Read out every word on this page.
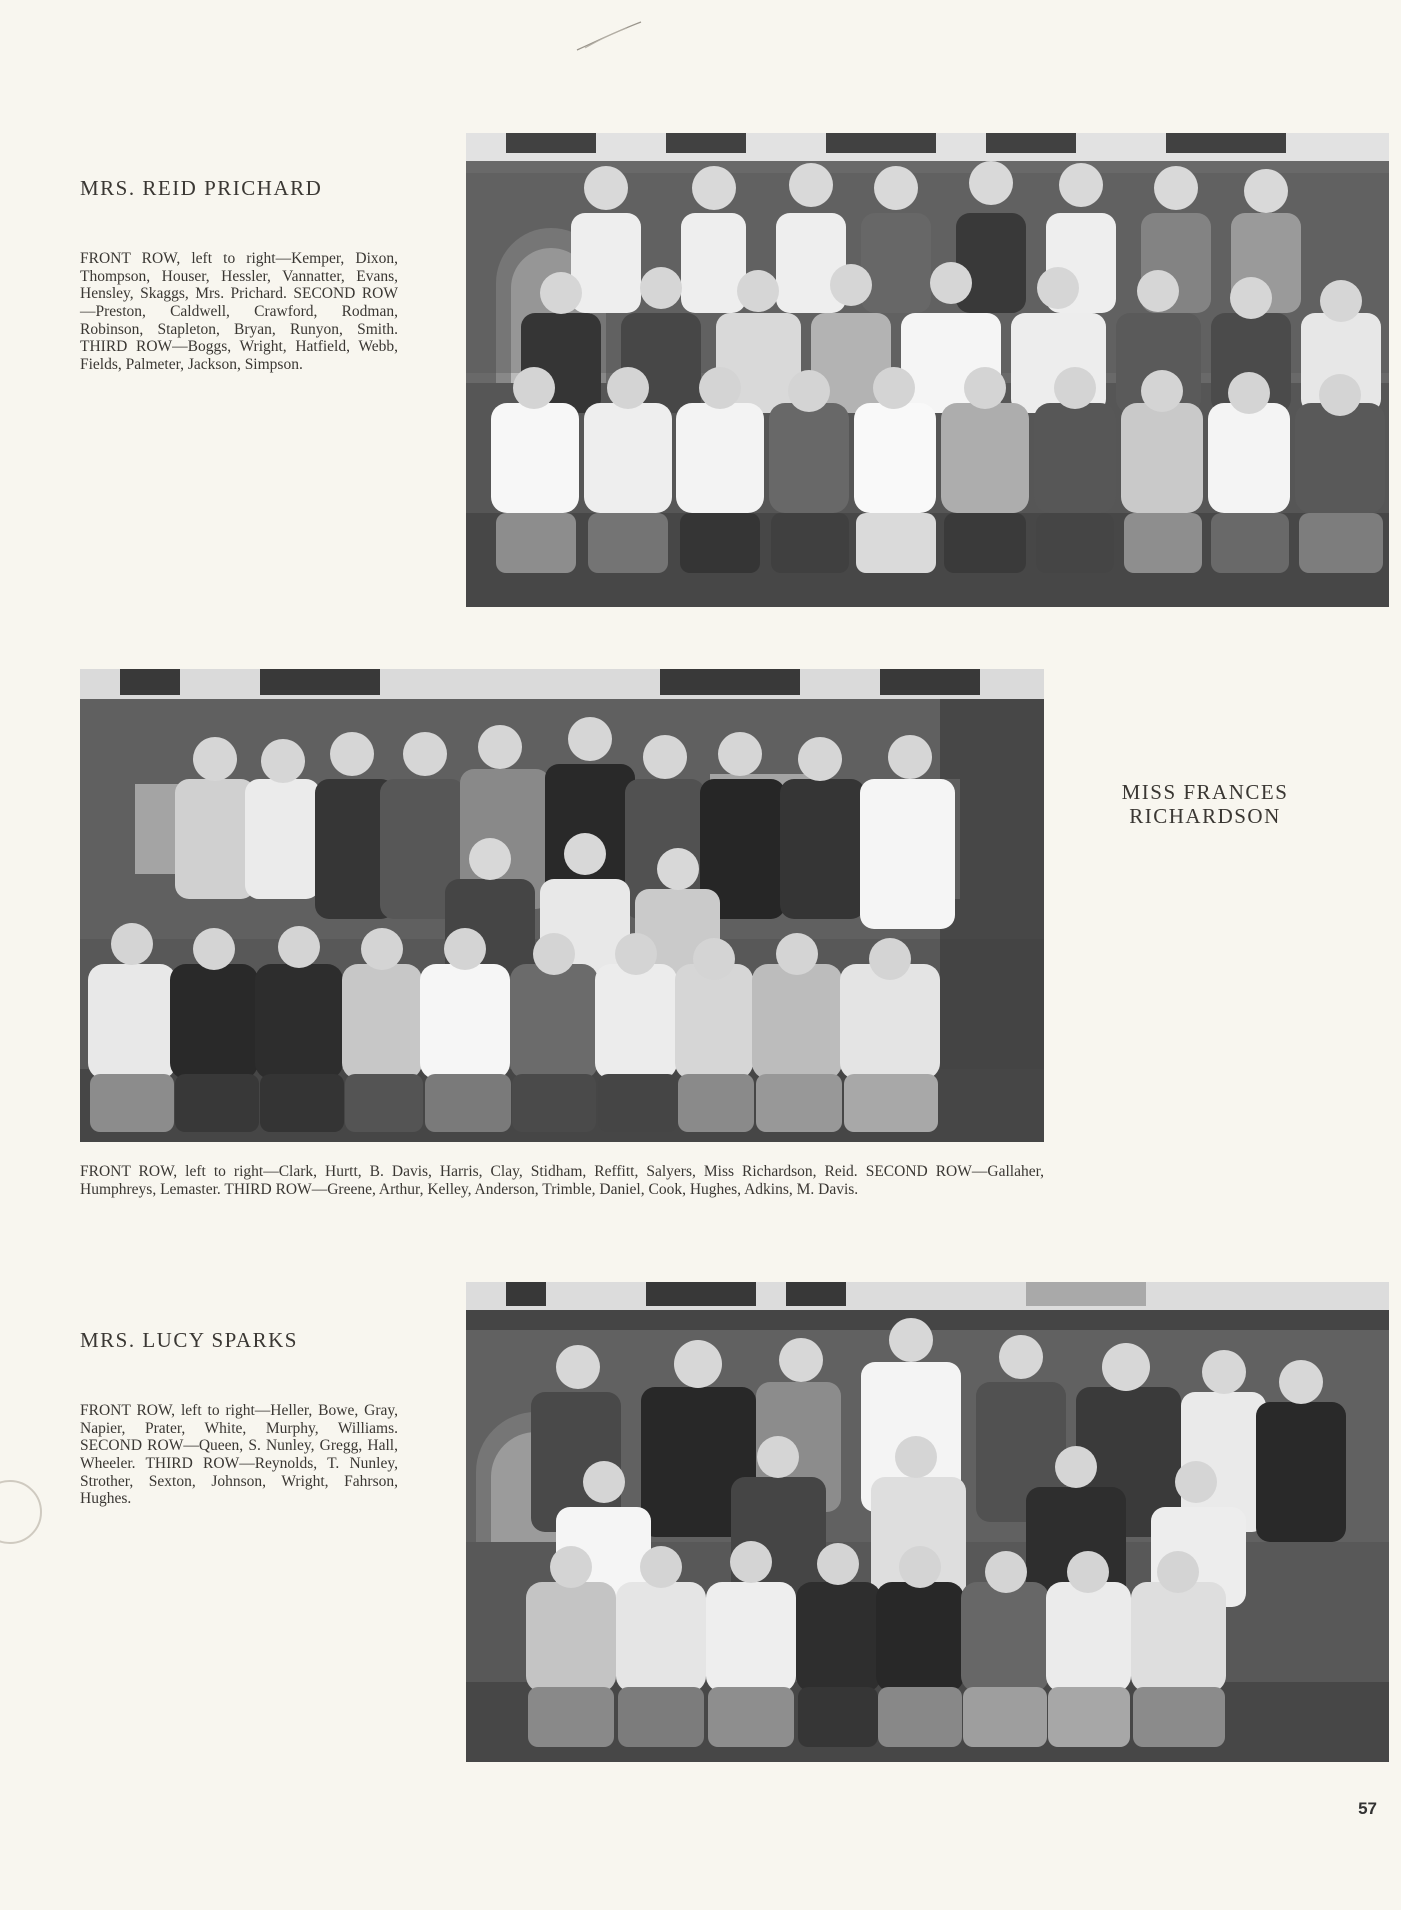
MRS. REID PRICHARD
FRONT ROW, left to right—Kemper, Dixon, Thompson, Houser, Hessler, Vannatter, Evans, Hensley, Skaggs, Mrs. Prichard. SECOND ROW—Preston, Caldwell, Crawford, Rodman, Robinson, Stapleton, Bryan, Runyon, Smith. THIRD ROW—Boggs, Wright, Hatfield, Webb, Fields, Palmeter, Jackson, Simpson.
MISS FRANCES RICHARDSON
FRONT ROW, left to right—Clark, Hurtt, B. Davis, Harris, Clay, Stidham, Reffitt, Salyers, Miss Richardson, Reid. SECOND ROW—Gallaher, Humphreys, Lemaster. THIRD ROW—Greene, Arthur, Kelley, Anderson, Trimble, Daniel, Cook, Hughes, Adkins, M. Davis.
MRS. LUCY SPARKS
FRONT ROW, left to right—Heller, Bowe, Gray, Napier, Prater, White, Murphy, Williams. SECOND ROW—Queen, S. Nunley, Gregg, Hall, Wheeler. THIRD ROW—Reynolds, T. Nunley, Strother, Sexton, Johnson, Wright, Fahrson, Hughes.
57
